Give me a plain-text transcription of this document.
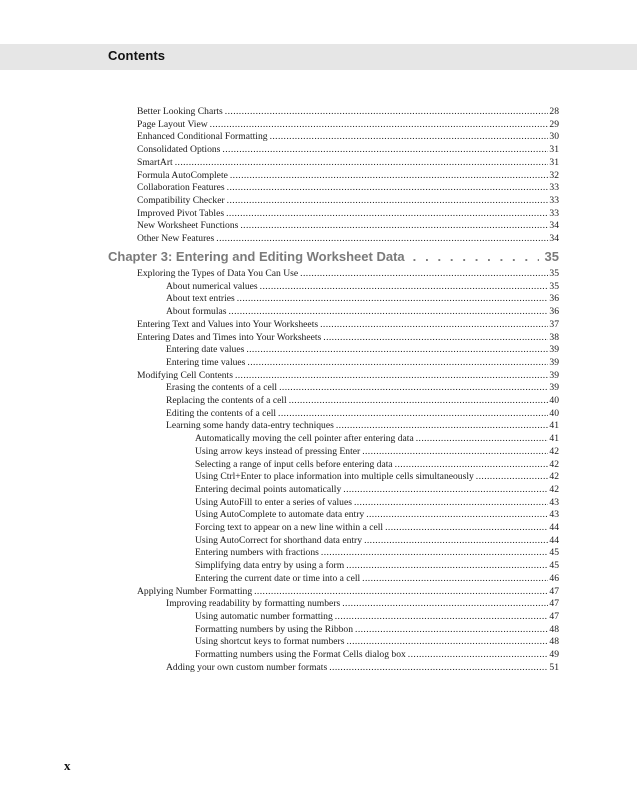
Contents
Better Looking Charts .....	28
Page Layout View .....	29
Enhanced Conditional Formatting .....	30
Consolidated Options .....	31
SmartArt .....	31
Formula AutoComplete .....	32
Collaboration Features .....	33
Compatibility Checker .....	33
Improved Pivot Tables .....	33
New Worksheet Functions .....	34
Other New Features .....	34
Chapter 3: Entering and Editing Worksheet Data . . .	35
Exploring the Types of Data You Can Use .....	35
About numerical values .....	35
About text entries .....	36
About formulas .....	36
Entering Text and Values into Your Worksheets .....	37
Entering Dates and Times into Your Worksheets .....	38
Entering date values .....	39
Entering time values .....	39
Modifying Cell Contents .....	39
Erasing the contents of a cell .....	39
Replacing the contents of a cell .....	40
Editing the contents of a cell .....	40
Learning some handy data-entry techniques .....	41
Automatically moving the cell pointer after entering data .....	41
Using arrow keys instead of pressing Enter .....	42
Selecting a range of input cells before entering data .....	42
Using Ctrl+Enter to place information into multiple cells simultaneously .....	42
Entering decimal points automatically .....	42
Using AutoFill to enter a series of values .....	43
Using AutoComplete to automate data entry .....	43
Forcing text to appear on a new line within a cell .....	44
Using AutoCorrect for shorthand data entry .....	44
Entering numbers with fractions .....	45
Simplifying data entry by using a form .....	45
Entering the current date or time into a cell .....	46
Applying Number Formatting .....	47
Improving readability by formatting numbers .....	47
Using automatic number formatting .....	47
Formatting numbers by using the Ribbon .....	48
Using shortcut keys to format numbers .....	48
Formatting numbers using the Format Cells dialog box .....	49
Adding your own custom number formats .....	51
x
